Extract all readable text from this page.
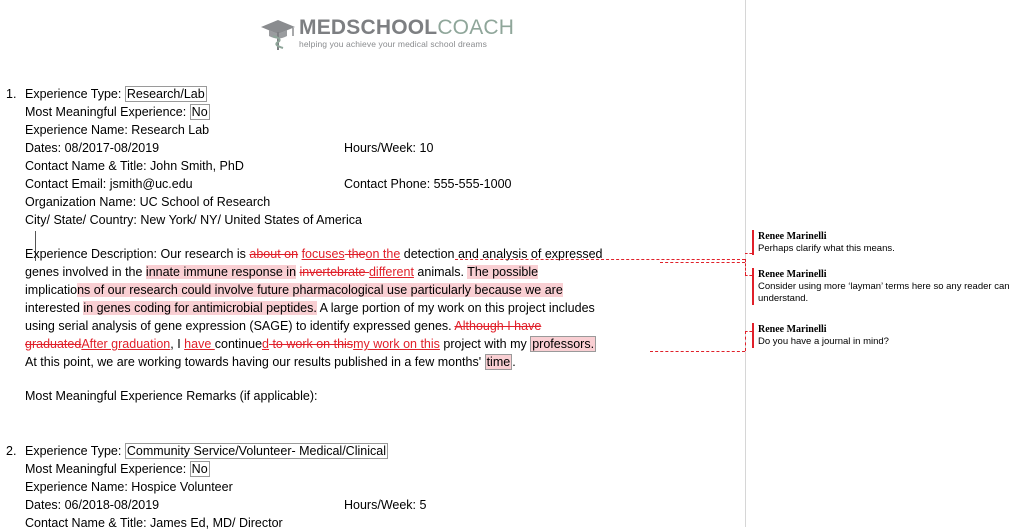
MEDSCHOOLCOACH
helping you achieve your medical school dreams
1. Experience Type: Research/Lab
Most Meaningful Experience: No
Experience Name: Research Lab
Dates: 08/2017-08/2019	Hours/Week: 10
Contact Name & Title: John Smith, PhD
Contact Email: jsmith@uc.edu	Contact Phone: 555-555-1000
Organization Name: UC School of Research
City/ State/ Country: New York/ NY/ United States of America
Experience Description: Our research is about on focuses theon the detection and analysis of expressed
genes involved in the innate immune response in invertebrate different animals. The possible
implications of our research could involve future pharmacological use particularly because we are
interested in genes coding for antimicrobial peptides. A large portion of my work on this project includes
using serial analysis of gene expression (SAGE) to identify expressed genes. Although I have
graduatedAfter graduation, I have continued to work on thismy work on this project with my professors.
At this point, we are working towards having our results published in a few months' time .
Most Meaningful Experience Remarks (if applicable):
2. Experience Type: Community Service/Volunteer- Medical/Clinical
Most Meaningful Experience: No
Experience Name: Hospice Volunteer
Dates: 06/2018-08/2019	Hours/Week: 5
Contact Name & Title: James Ed, MD/ Director
Renee Marinelli
Perhaps clarify what this means.
Renee Marinelli
Consider using more ‘layman’ terms here so any reader can understand.
Renee Marinelli
Do you have a journal in mind?
